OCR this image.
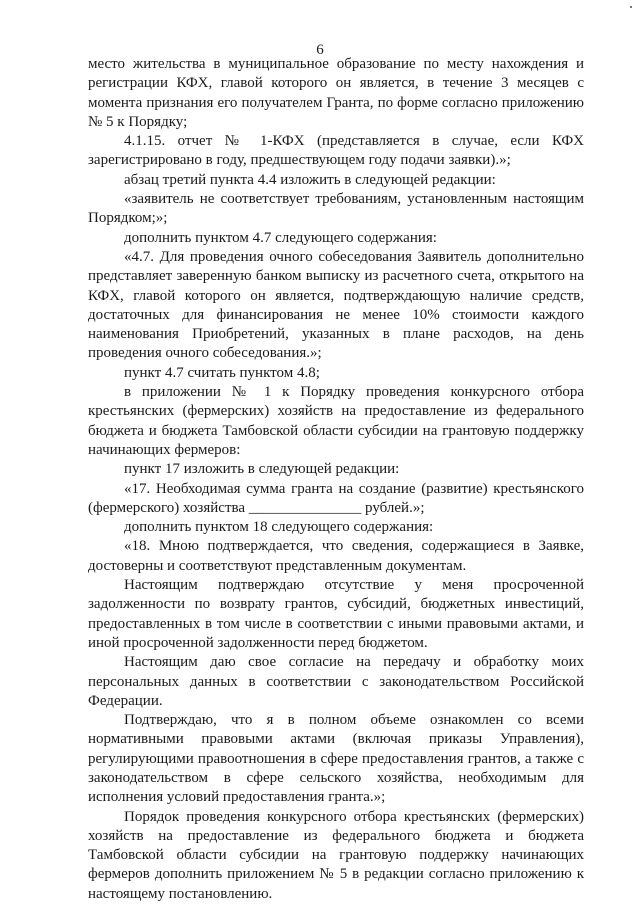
6

место жительства в муниципальное образование по месту нахождения и регистрации КФХ, главой которого он является, в течение 3 месяцев с момента признания его получателем Гранта, по форме согласно приложению № 5 к Порядку;

4.1.15. отчет № 1-КФХ (представляется в случае, если КФХ зарегистрировано в году, предшествующем году подачи заявки).»;

абзац третий пункта 4.4 изложить в следующей редакции:

«заявитель не соответствует требованиям, установленным настоящим Порядком;»;

дополнить пунктом 4.7 следующего содержания:

«4.7. Для проведения очного собеседования Заявитель дополнительно представляет заверенную банком выписку из расчетного счета, открытого на КФХ, главой которого он является, подтверждающую наличие средств, достаточных для финансирования не менее 10% стоимости каждого наименования Приобретений, указанных в плане расходов, на день проведения очного собеседования.»;

пункт 4.7 считать пунктом 4.8;

в приложении № 1 к Порядку проведения конкурсного отбора крестьянских (фермерских) хозяйств на предоставление из федерального бюджета и бюджета Тамбовской области субсидии на грантовую поддержку начинающих фермеров:

пункт 17 изложить в следующей редакции:

«17. Необходимая сумма гранта на создание (развитие) крестьянского (фермерского) хозяйства _______________ рублей.»;

дополнить пунктом 18 следующего содержания:

«18. Мною подтверждается, что сведения, содержащиеся в Заявке, достоверны и соответствуют представленным документам.

Настоящим подтверждаю отсутствие у меня просроченной задолженности по возврату грантов, субсидий, бюджетных инвестиций, предоставленных в том числе в соответствии с иными правовыми актами, и иной просроченной задолженности перед бюджетом.

Настоящим даю свое согласие на передачу и обработку моих персональных данных в соответствии с законодательством Российской Федерации.

Подтверждаю, что я в полном объеме ознакомлен со всеми нормативными правовыми актами (включая приказы Управления), регулирующими правоотношения в сфере предоставления грантов, а также с законодательством в сфере сельского хозяйства, необходимым для исполнения условий предоставления гранта.»;

Порядок проведения конкурсного отбора крестьянских (фермерских) хозяйств на предоставление из федерального бюджета и бюджета Тамбовской области субсидии на грантовую поддержку начинающих фермеров дополнить приложением № 5 в редакции согласно приложению к настоящему постановлению.
